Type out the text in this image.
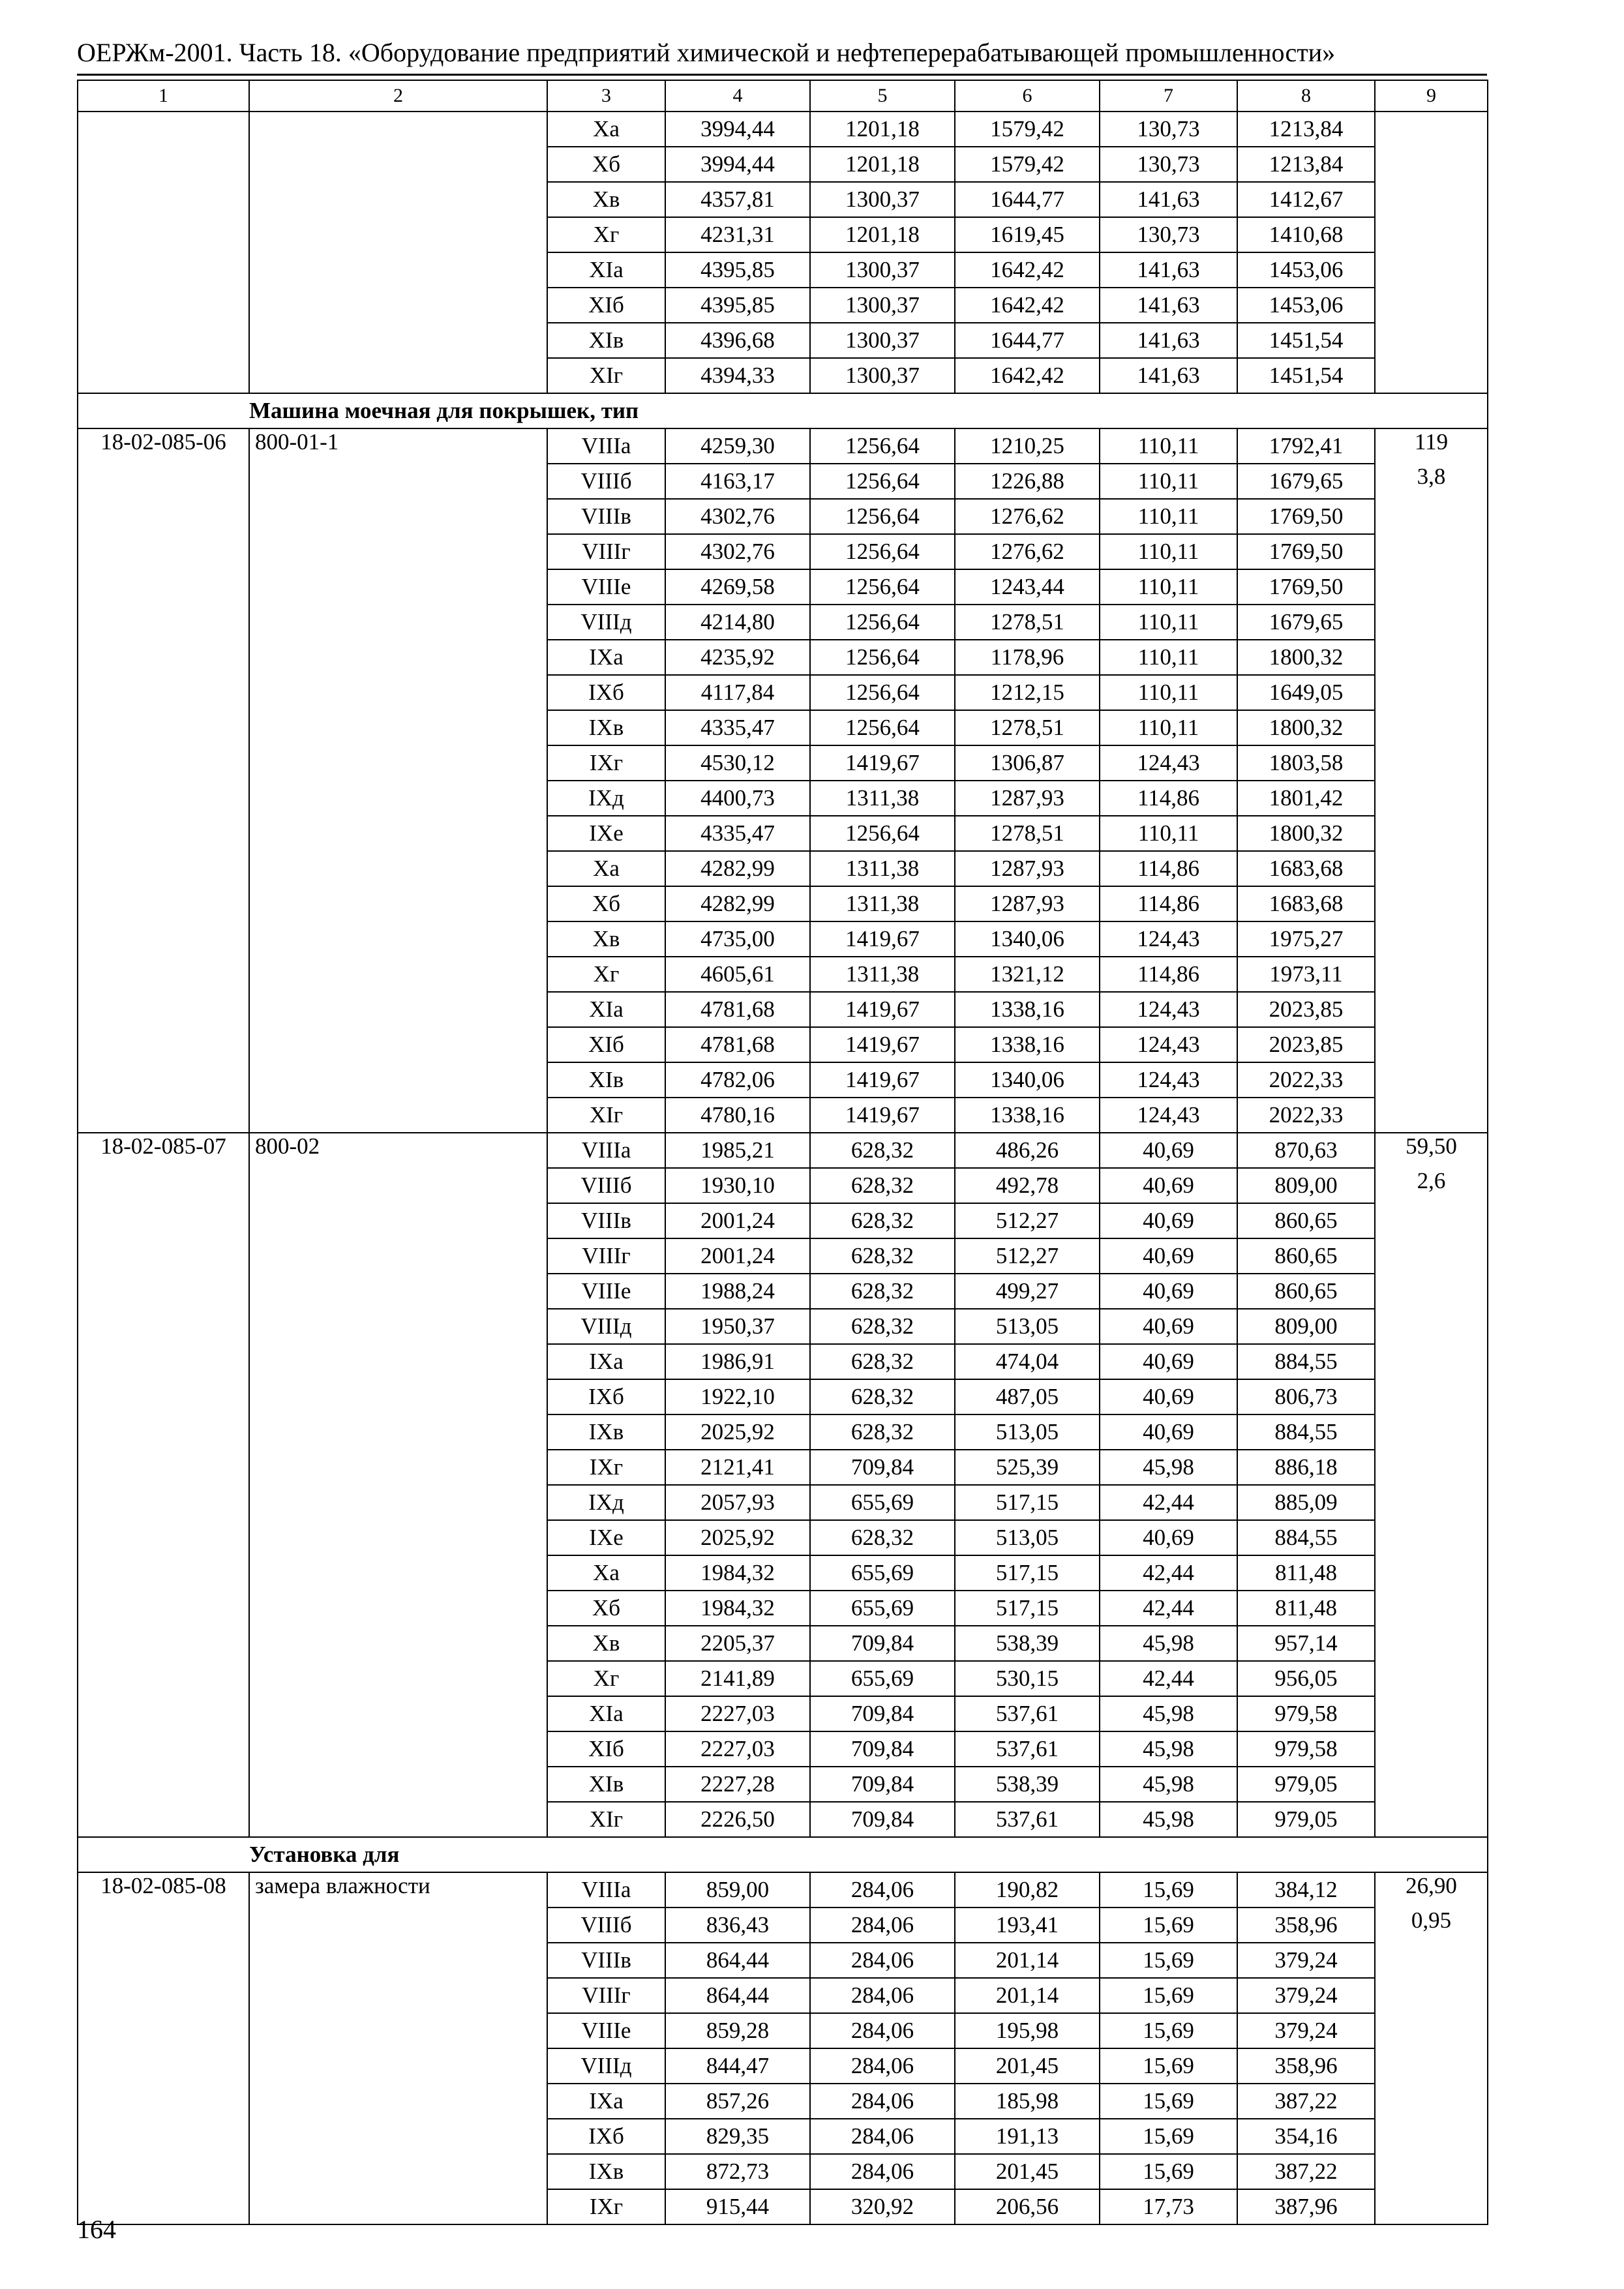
ОЕРЖм-2001. Часть 18. «Оборудование предприятий химической и нефтеперерабатывающей промышленности»
1	2	3	4	5	6	7	8	9
		Xa	3994,44	1201,18	1579,42	130,73	1213,84	
		Xб	3994,44	1201,18	1579,42	130,73	1213,84	
		Xв	4357,81	1300,37	1644,77	141,63	1412,67	
		Xг	4231,31	1201,18	1619,45	130,73	1410,68	
		XIa	4395,85	1300,37	1642,42	141,63	1453,06	
		XIб	4395,85	1300,37	1642,42	141,63	1453,06	
		XIв	4396,68	1300,37	1644,77	141,63	1451,54	
		XIг	4394,33	1300,37	1642,42	141,63	1451,54	
	Машина моечная для покрышек, тип							
18-02-085-06	800-01-1	VIIIa	4259,30	1256,64	1210,25	110,11	1792,41	119
		VIIIб	4163,17	1256,64	1226,88	110,11	1679,65	3,8
		VIIIв	4302,76	1256,64	1276,62	110,11	1769,50	
		VIIIг	4302,76	1256,64	1276,62	110,11	1769,50	
		VIIIe	4269,58	1256,64	1243,44	110,11	1769,50	
		VIIIд	4214,80	1256,64	1278,51	110,11	1679,65	
		IXa	4235,92	1256,64	1178,96	110,11	1800,32	
		IXб	4117,84	1256,64	1212,15	110,11	1649,05	
		IXв	4335,47	1256,64	1278,51	110,11	1800,32	
		IXг	4530,12	1419,67	1306,87	124,43	1803,58	
		IXд	4400,73	1311,38	1287,93	114,86	1801,42	
		IXe	4335,47	1256,64	1278,51	110,11	1800,32	
		Xa	4282,99	1311,38	1287,93	114,86	1683,68	
		Xб	4282,99	1311,38	1287,93	114,86	1683,68	
		Xв	4735,00	1419,67	1340,06	124,43	1975,27	
		Xг	4605,61	1311,38	1321,12	114,86	1973,11	
		XIa	4781,68	1419,67	1338,16	124,43	2023,85	
		XIб	4781,68	1419,67	1338,16	124,43	2023,85	
		XIв	4782,06	1419,67	1340,06	124,43	2022,33	
		XIг	4780,16	1419,67	1338,16	124,43	2022,33	
18-02-085-07	800-02	VIIIa	1985,21	628,32	486,26	40,69	870,63	59,50
		VIIIб	1930,10	628,32	492,78	40,69	809,00	2,6
		VIIIв	2001,24	628,32	512,27	40,69	860,65	
		VIIIг	2001,24	628,32	512,27	40,69	860,65	
		VIIIe	1988,24	628,32	499,27	40,69	860,65	
		VIIIд	1950,37	628,32	513,05	40,69	809,00	
		IXa	1986,91	628,32	474,04	40,69	884,55	
		IXб	1922,10	628,32	487,05	40,69	806,73	
		IXв	2025,92	628,32	513,05	40,69	884,55	
		IXг	2121,41	709,84	525,39	45,98	886,18	
		IXд	2057,93	655,69	517,15	42,44	885,09	
		IXe	2025,92	628,32	513,05	40,69	884,55	
		Xa	1984,32	655,69	517,15	42,44	811,48	
		Xб	1984,32	655,69	517,15	42,44	811,48	
		Xв	2205,37	709,84	538,39	45,98	957,14	
		Xг	2141,89	655,69	530,15	42,44	956,05	
		XIa	2227,03	709,84	537,61	45,98	979,58	
		XIб	2227,03	709,84	537,61	45,98	979,58	
		XIв	2227,28	709,84	538,39	45,98	979,05	
		XIг	2226,50	709,84	537,61	45,98	979,05	
	Установка для							
18-02-085-08	замера влажности	VIIIa	859,00	284,06	190,82	15,69	384,12	26,90
		VIIIб	836,43	284,06	193,41	15,69	358,96	0,95
		VIIIв	864,44	284,06	201,14	15,69	379,24	
		VIIIг	864,44	284,06	201,14	15,69	379,24	
		VIIIe	859,28	284,06	195,98	15,69	379,24	
		VIIIд	844,47	284,06	201,45	15,69	358,96	
		IXa	857,26	284,06	185,98	15,69	387,22	
		IXб	829,35	284,06	191,13	15,69	354,16	
		IXв	872,73	284,06	201,45	15,69	387,22	
		IXг	915,44	320,92	206,56	17,73	387,96	
164
